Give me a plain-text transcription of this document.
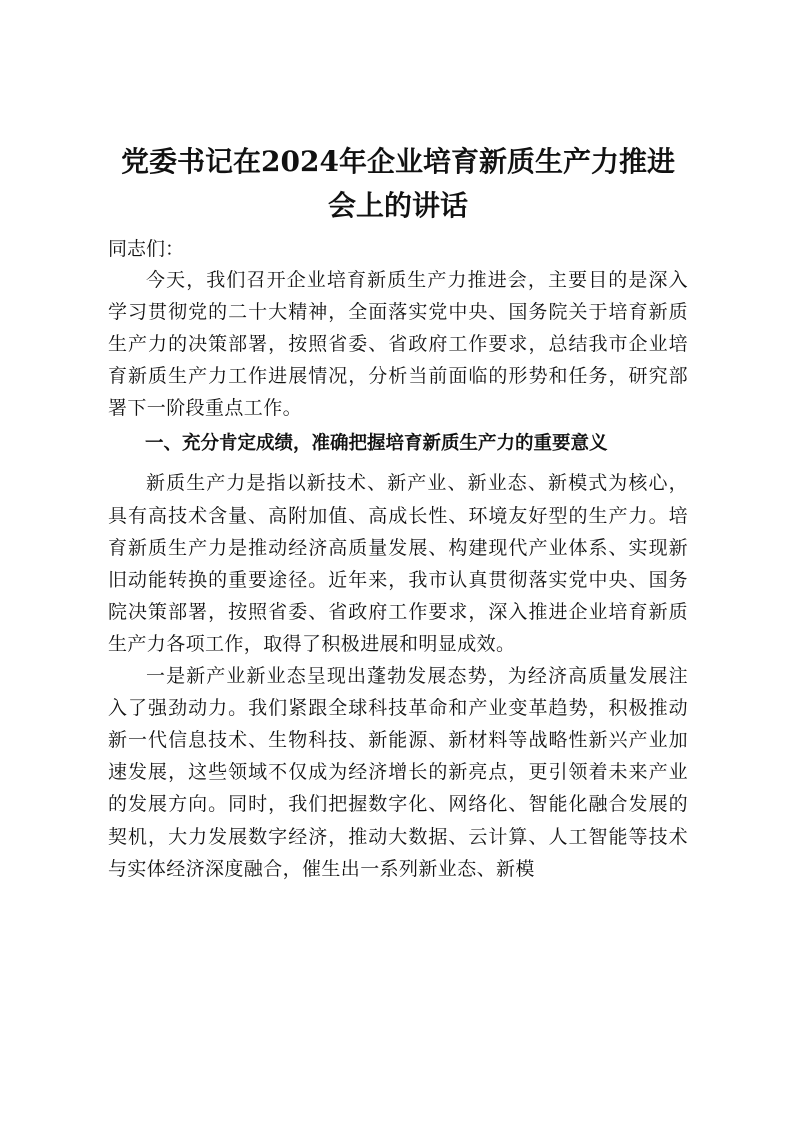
党委书记在2024年企业培育新质生产力推进
会上的讲话
同志们：

今天，我们召开企业培育新质生产力推进会，主要目的是深入学习贯彻党的二十大精神，全面落实党中央、国务院关于培育新质生产力的决策部署，按照省委、省政府工作要求，总结我市企业培育新质生产力工作进展情况，分析当前面临的形势和任务，研究部署下一阶段重点工作。

一、充分肯定成绩，准确把握培育新质生产力的重要意义

新质生产力是指以新技术、新产业、新业态、新模式为核心，具有高技术含量、高附加值、高成长性、环境友好型的生产力。培育新质生产力是推动经济高质量发展、构建现代产业体系、实现新旧动能转换的重要途径。近年来，我市认真贯彻落实党中央、国务院决策部署，按照省委、省政府工作要求，深入推进企业培育新质生产力各项工作，取得了积极进展和明显成效。

一是新产业新业态呈现出蓬勃发展态势，为经济高质量发展注入了强劲动力。我们紧跟全球科技革命和产业变革趋势，积极推动新一代信息技术、生物科技、新能源、新材料等战略性新兴产业加速发展，这些领域不仅成为经济增长的新亮点，更引领着未来产业的发展方向。同时，我们把握数字化、网络化、智能化融合发展的契机，大力发展数字经济，推动大数据、云计算、人工智能等技术与实体经济深度融合，催生出一系列新业态、新模
